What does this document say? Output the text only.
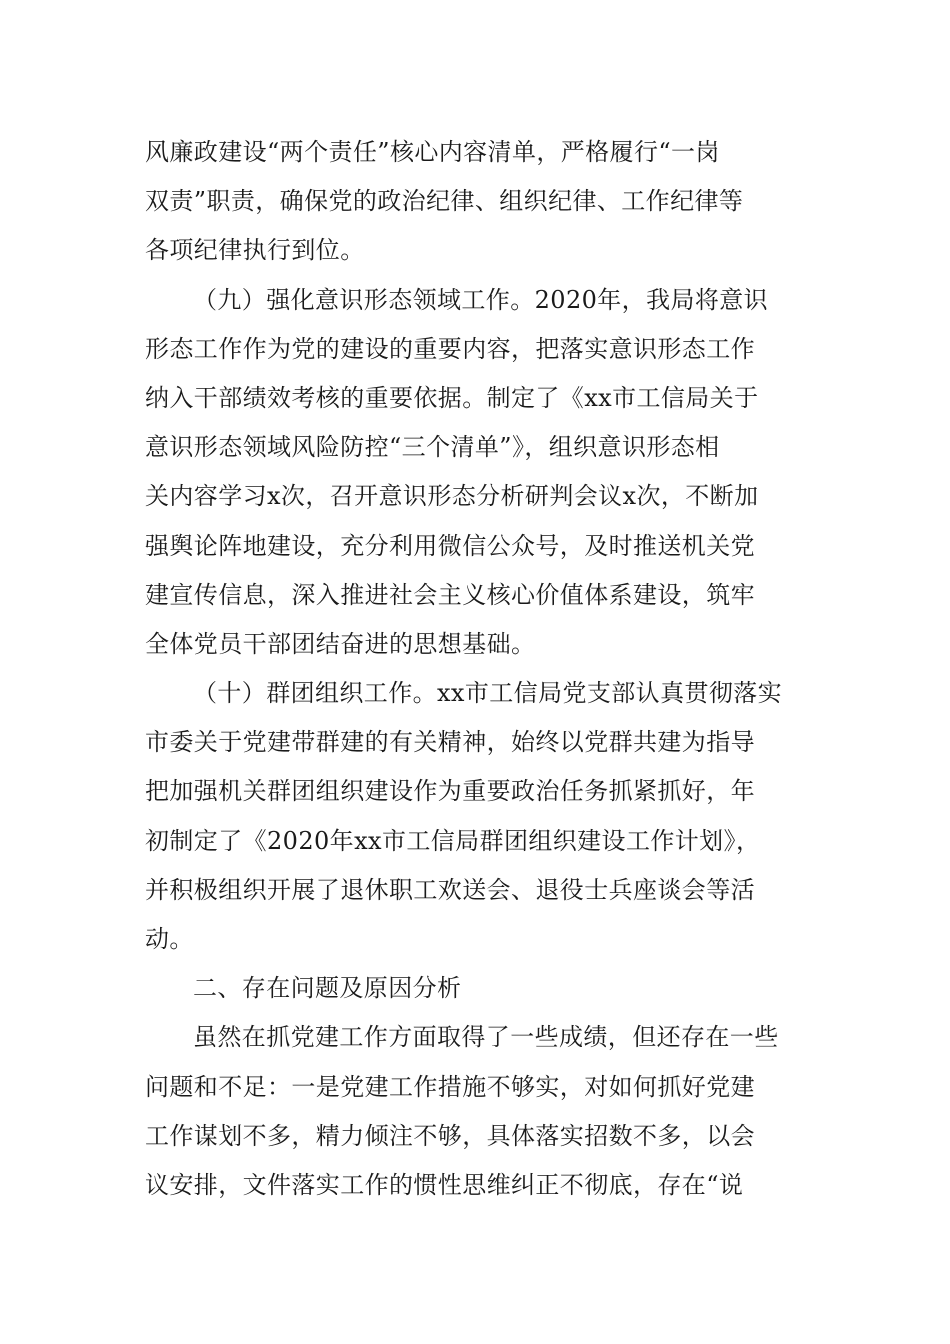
风廉政建设“两个责任”核心内容清单，严格履行“一岗
双责”职责，确保党的政治纪律、组织纪律、工作纪律等
各项纪律执行到位。
（九）强化意识形态领域工作。2020年，我局将意识
形态工作作为党的建设的重要内容，把落实意识形态工作
纳入干部绩效考核的重要依据。制定了《xx市工信局关于
意识形态领域风险防控“三个清单”》，组织意识形态相
关内容学习x次，召开意识形态分析研判会议x次，不断加
强舆论阵地建设，充分利用微信公众号，及时推送机关党
建宣传信息，深入推进社会主义核心价值体系建设，筑牢
全体党员干部团结奋进的思想基础。
（十）群团组织工作。xx市工信局党支部认真贯彻落实
市委关于党建带群建的有关精神，始终以党群共建为指导
把加强机关群团组织建设作为重要政治任务抓紧抓好，年
初制定了《2020年xx市工信局群团组织建设工作计划》，
并积极组织开展了退休职工欢送会、退役士兵座谈会等活
动。
二、存在问题及原因分析
虽然在抓党建工作方面取得了一些成绩，但还存在一些
问题和不足：一是党建工作措施不够实，对如何抓好党建
工作谋划不多，精力倾注不够，具体落实招数不多，以会
议安排，文件落实工作的惯性思维纠正不彻底，存在“说
